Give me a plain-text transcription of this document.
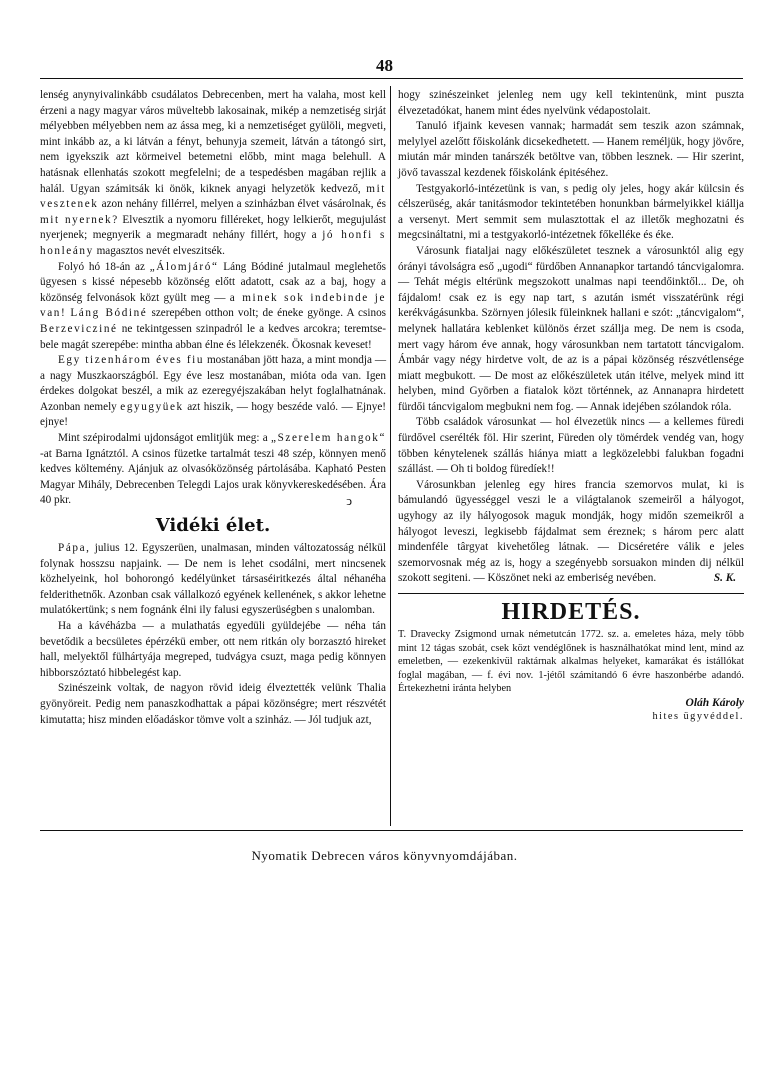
48

lenség anynyivalinkább csudálatos Debrecenben, mert ha valaha, most kell érzeni a nagy magyar város müveltebb lakosainak, mikép a nemzetiség sirját mélyebben mélyebben nem az ássa meg, ki a nemzetiséget gyülöli, megveti, mint inkább az, a ki látván a fényt, behunyja szemeit, látván a tátongó sirt, nem igyekszik azt körmeivel betemetni előbb, mint maga belehull. A hatásnak ellenhatás szokott megfelelni; de a tespedésben magában rejlik a halál. Ugyan számitsák ki önök, kiknek anyagi helyzetök kedvező, mit vesztenek azon nehány fillérrel, melyen a szinházban élvet vásárolnak, és mit nyernek? Elvesztik a nyomoru filléreket, hogy lelkierőt, megujulást nyerjenek; megnyerik a megmaradt nehány fillért, hogy a jó honfi s honleány magasztos nevét elveszitsék.

Folyó hó 18-án az „Álomjáró“ Láng Bódiné jutalmaul meglehetős ügyesen s kissé népesebb közönség előtt adatott, csak az a baj, hogy a közönség felvonások közt gyült meg — a minek sok indebinde je van! Láng Bódiné szerepében otthon volt; de éneke gyönge. A csinos Berzevicziné ne tekintgessen szinpadról le a kedves arcokra; teremtse-bele magát szerepébe: mintha abban élne és lélekzenék. Ökosnak keveset!

Egy tizenhárom éves fiu mostanában jött haza, a mint mondja — a nagy Muszkaországból. Egy éve lesz mostanában, mióta oda van. Igen érdekes dolgokat beszél, a mik az ezeregyéjszakában helyt foglalhatnának. Azonban nemely egyugyüek azt hiszik, — hogy beszéde való. — Ejnye! ejnye!

Mint szépirodalmi ujdonságot emlitjük meg: a „Szerelem hangok“ -at Barna Ignátztól. A csinos füzetke tartalmát teszi 48 szép, könnyen menő kedves költemény. Ajánjuk az olvasóközönség pártolásába. Kapható Pesten Magyar Mihály, Debrecenben Telegdi Lajos urak könyvkereskedésében. Ára 40 pkr.	ↄ

Vidéki élet.

Pápa, julius 12. Egyszerüen, unalmasan, minden változatosság nélkül folynak hosszsu napjaink. — De nem is lehet csodálni, mert nincsenek közhelyeink, hol bohorongó kedélyünket társaséiritkezés által néhanéha felderithetnők. Azonban csak vállalkozó egyének kellenének, s akkor lehetne mulatókertünk; s nem fognánk élni ily falusi egyszerüségben s unalomban.

Ha a kávéházba — a mulathatás egyedüli gyüldejébe — néha tán bevetődik a becsületes épérzékü ember, ott nem ritkán oly borzasztó hireket hall, melyektől fülhártyája megreped, tudvágya csuzt, maga pedig könnyen hibborszóztató hibbelegést kap.

Szinészeink voltak, de nagyon rövid ideig élveztették velünk Thalia gyönyöreit. Pedig nem panaszkodhattak a pápai közönségre; mert részvétét kimutatta; hisz minden előadáskor tömve volt a szinház. — Jól tudjuk azt,

hogy szinészeinket jelenleg nem ugy kell tekintenünk, mint puszta élvezetadókat, hanem mint édes nyelvünk védapostolait.

Tanuló ifjaink kevesen vannak; harmadát sem teszik azon számnak, melylyel azelőtt főiskolánk dicsekedhetett. — Hanem reméljük, hogy jövőre, miután már minden tanárszék betöltve van, többen lesznek. — Hir szerint, jövő tavasszal kezdenek főiskolánk épitéséhez.

Testgyakorló-intézetünk is van, s pedig oly jeles, hogy akár külcsin és célszerüség, akár tanitásmodor tekintetében honunkban bármelyikkel kiállja a versenyt. Mert semmit sem mulasztottak el az illetők meghozatni és megcsináltatni, mi a testgyakorló-intézetnek főkelléke és éke.

Városunk fiataljai nagy előkészületet tesznek a városunktól alig egy órányi távolságra eső „ugodi“ fürdőben Annanapkor tartandó táncvigalomra. — Tehát mégis eltérünk megszokott unalmas napi teendőinktől... De, oh fájdalom! csak ez is egy nap tart, s azután ismét visszatérünk régi kerékvágásunkba. Szörnyen jólesik füleinknek hallani e szót: „táncvigalom“, melynek hallatára keblenket különös érzet szállja meg. De nem is csoda, mert vagy három éve annak, hogy városunkban nem tartatott táncvigalom. Ámbár vagy négy hirdetve volt, de az is a pápai közönség részvétlensége miatt megbukott. — De most az előkészületek után itélve, melyek mind itt helyben, mind Györben a fiatalok közt történnek, az Annanapra hirdetett fürdői táncvigalom megbukni nem fog. — Annak idejében szólandok róla.

Több családok városunkat — hol élvezetük nincs — a kellemes füredi fürdővel cserélték föl. Hir szerint, Füreden oly tömérdek vendég van, hogy többen kénytelenek szállás hiánya miatt a legközelebbi falukban fogadni szállást. — Oh ti boldog füredíek!!

Városunkban jelenleg egy hires francia szemorvos mulat, ki is bámulandó ügyességgel veszi le a világtalanok szemeiről a hályogot, ugyhogy az ily hályogosok maguk mondják, hogy midőn szemeikről a hályogot leveszi, legkisebb fájdalmat sem éreznek; s három perc alatt mindenféle târgyat kivehetőleg látnak. — Dicséretére válik e jeles szemorvosnak még az is, hogy a szegényebb sorsuakon minden dij nélkül szokott segiteni. — Köszönet neki az emberiség nevében.	S. K.

HIRDETÉS.
T. Dravecky Zsigmond urnak németutcán 1772. sz. a. emeletes háza, mely több mint 12 tágas szobát, csek közt vendéglőnek is használhatókat mind lent, mind az emeletben, — ezekenkivül raktárnak alkalmas helyeket, kamarákat és istállókat foglal magában, — f. évi nov. 1-jétől számitandó 6 évre haszonbérbe adandó. Értekezhetni iránta helyben
Oláh Károly
hites ügyvéddel.
Nyomatik Debrecen város könyvnyomdájában.
